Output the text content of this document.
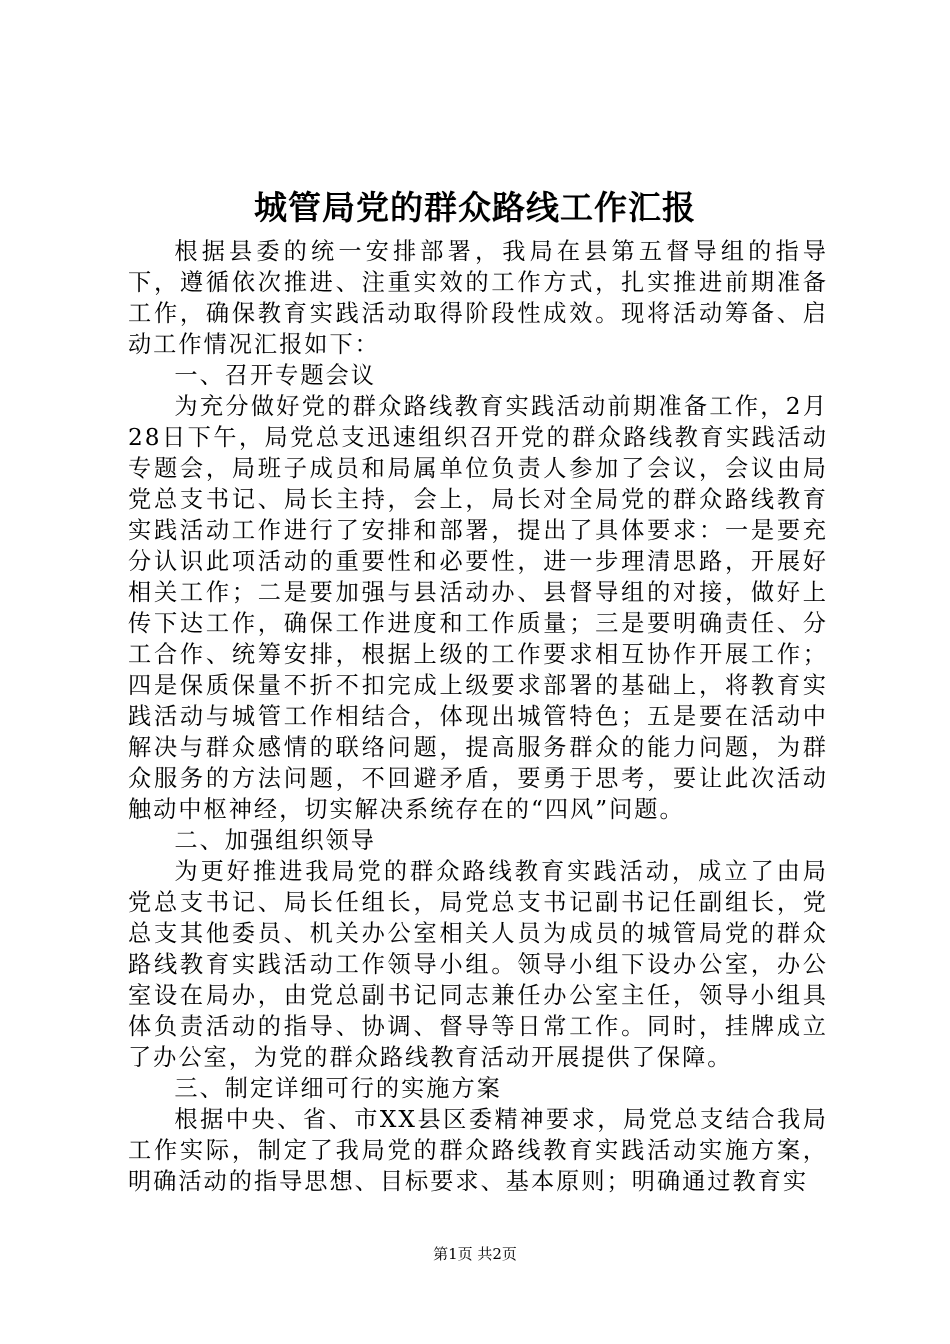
城管局党的群众路线工作汇报

根据县委的统一安排部署，我局在县第五督导组的指导下，遵循依次推进、注重实效的工作方式，扎实推进前期准备工作，确保教育实践活动取得阶段性成效。现将活动筹备、启动工作情况汇报如下：

一、召开专题会议

为充分做好党的群众路线教育实践活动前期准备工作，2月28日下午，局党总支迅速组织召开党的群众路线教育实践活动专题会，局班子成员和局属单位负责人参加了会议，会议由局党总支书记、局长主持，会上，局长对全局党的群众路线教育实践活动工作进行了安排和部署，提出了具体要求：一是要充分认识此项活动的重要性和必要性，进一步理清思路，开展好相关工作；二是要加强与县活动办、县督导组的对接，做好上传下达工作，确保工作进度和工作质量；三是要明确责任、分工合作、统筹安排，根据上级的工作要求相互协作开展工作；四是保质保量不折不扣完成上级要求部署的基础上，将教育实践活动与城管工作相结合，体现出城管特色；五是要在活动中解决与群众感情的联络问题，提高服务群众的能力问题，为群众服务的方法问题，不回避矛盾，要勇于思考，要让此次活动触动中枢神经，切实解决系统存在的“四风”问题。

二、加强组织领导

为更好推进我局党的群众路线教育实践活动，成立了由局党总支书记、局长任组长，局党总支书记副书记任副组长，党总支其他委员、机关办公室相关人员为成员的城管局党的群众路线教育实践活动工作领导小组。领导小组下设办公室，办公室设在局办，由党总副书记同志兼任办公室主任，领导小组具体负责活动的指导、协调、督导等日常工作。同时，挂牌成立了办公室，为党的群众路线教育活动开展提供了保障。

三、制定详细可行的实施方案

根据中央、省、市XX县区委精神要求，局党总支结合我局工作实际，制定了我局党的群众路线教育实践活动实施方案，明确活动的指导思想、目标要求、基本原则；明确通过教育实

第1页 共2页
